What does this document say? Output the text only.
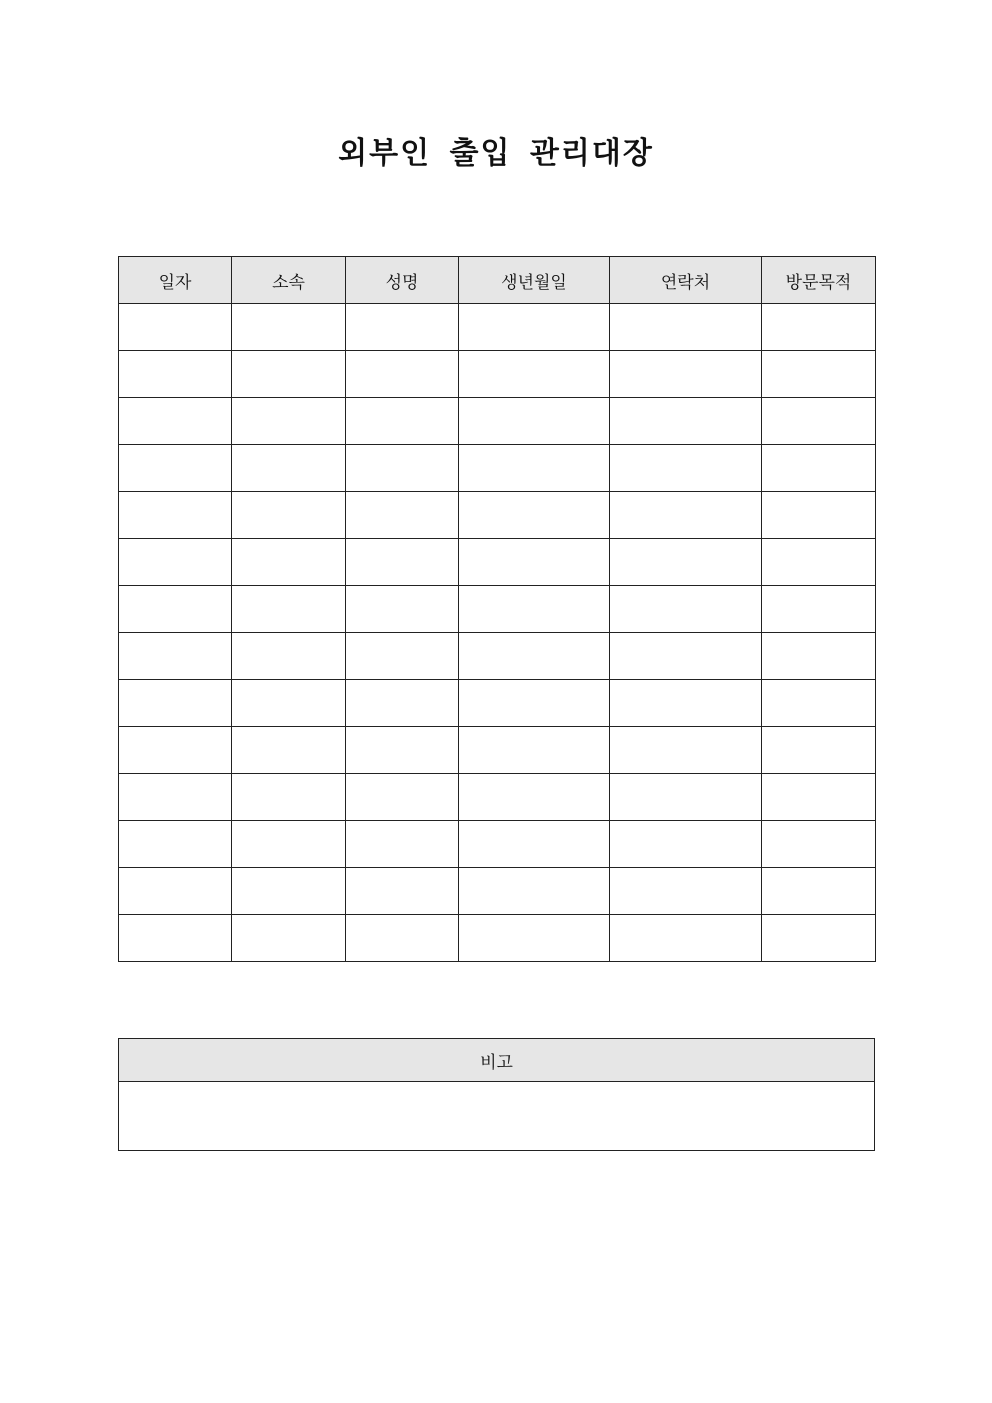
외부인 출입 관리대장
일자	소속	성명	생년월일	연락처	방문목적

비고
